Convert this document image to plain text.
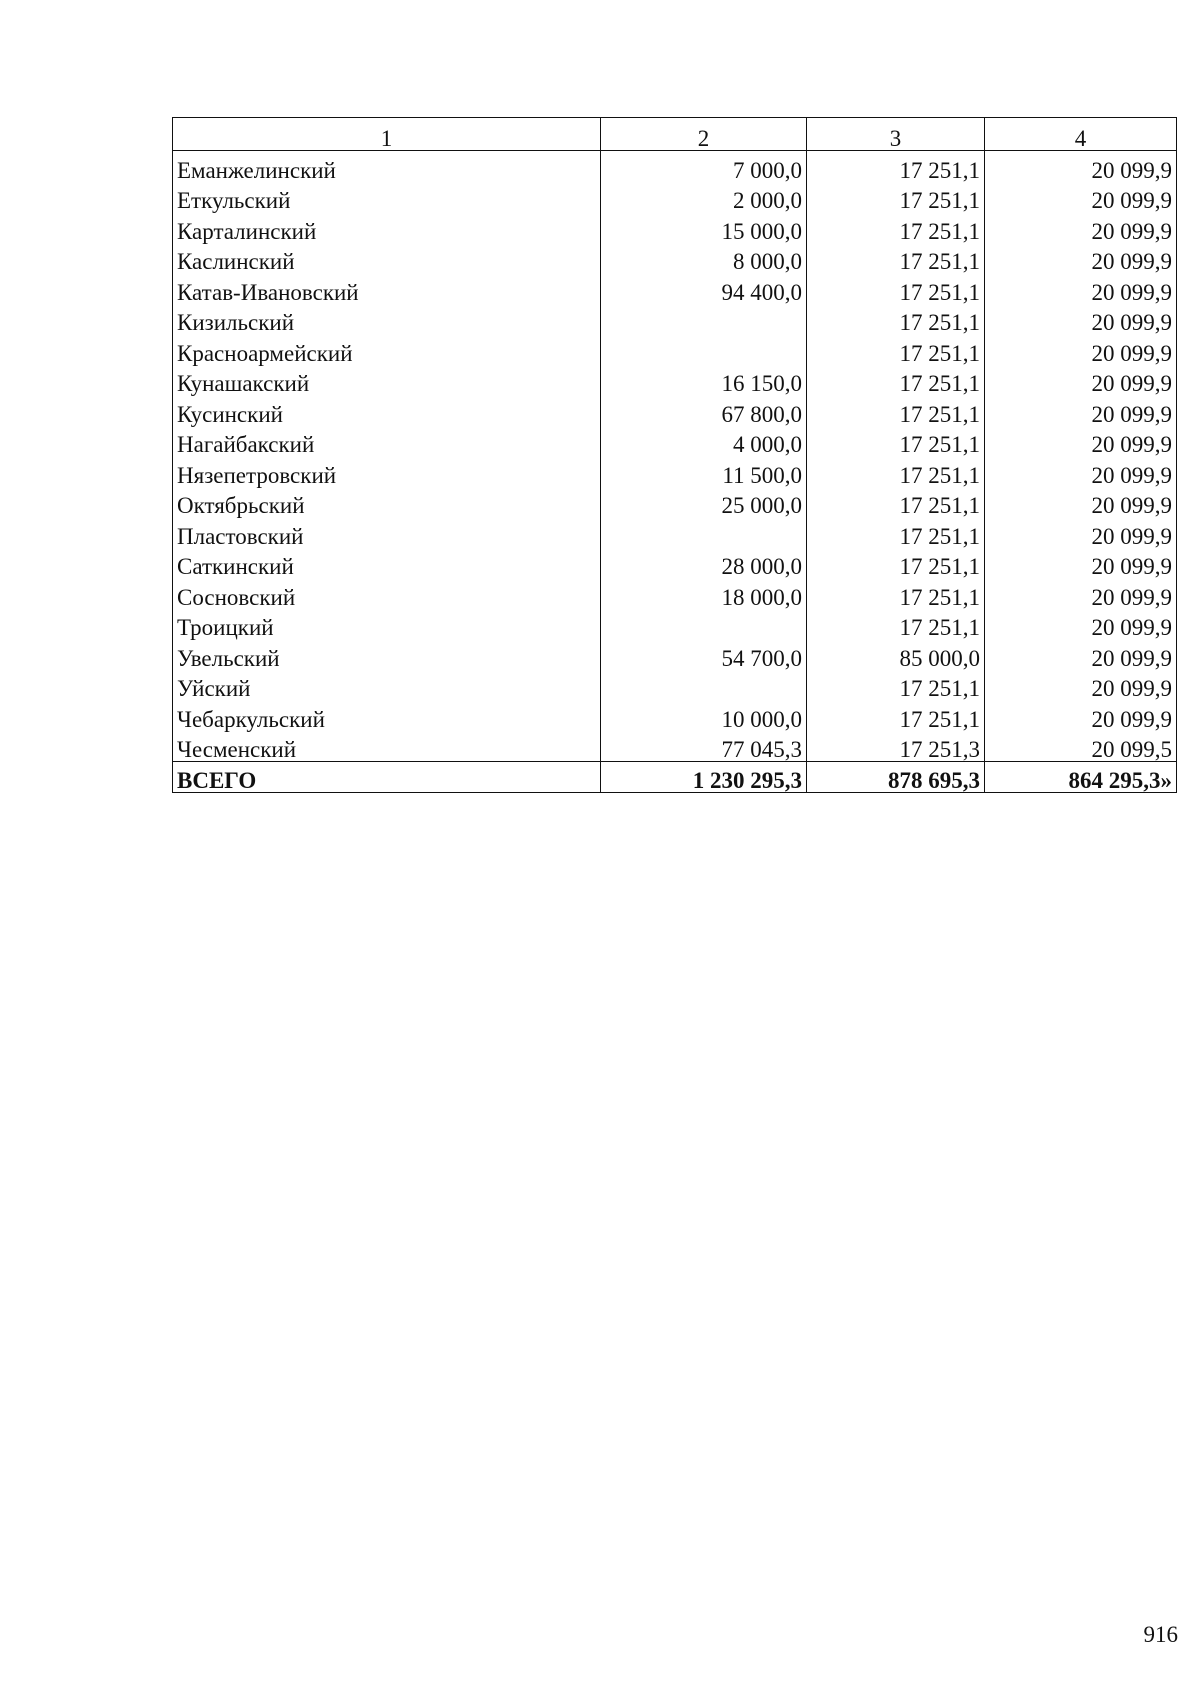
1	2	3	4
Еманжелинский	7 000,0	17 251,1	20 099,9
Еткульский	2 000,0	17 251,1	20 099,9
Карталинский	15 000,0	17 251,1	20 099,9
Каслинский	8 000,0	17 251,1	20 099,9
Катав-Ивановский	94 400,0	17 251,1	20 099,9
Кизильский		17 251,1	20 099,9
Красноармейский		17 251,1	20 099,9
Кунашакский	16 150,0	17 251,1	20 099,9
Кусинский	67 800,0	17 251,1	20 099,9
Нагайбакский	4 000,0	17 251,1	20 099,9
Нязепетровский	11 500,0	17 251,1	20 099,9
Октябрьский	25 000,0	17 251,1	20 099,9
Пластовский		17 251,1	20 099,9
Саткинский	28 000,0	17 251,1	20 099,9
Сосновский	18 000,0	17 251,1	20 099,9
Троицкий		17 251,1	20 099,9
Увельский	54 700,0	85 000,0	20 099,9
Уйский		17 251,1	20 099,9
Чебаркульский	10 000,0	17 251,1	20 099,9
Чесменский	77 045,3	17 251,3	20 099,5
ВСЕГО	1 230 295,3	878 695,3	864 295,3»
916
